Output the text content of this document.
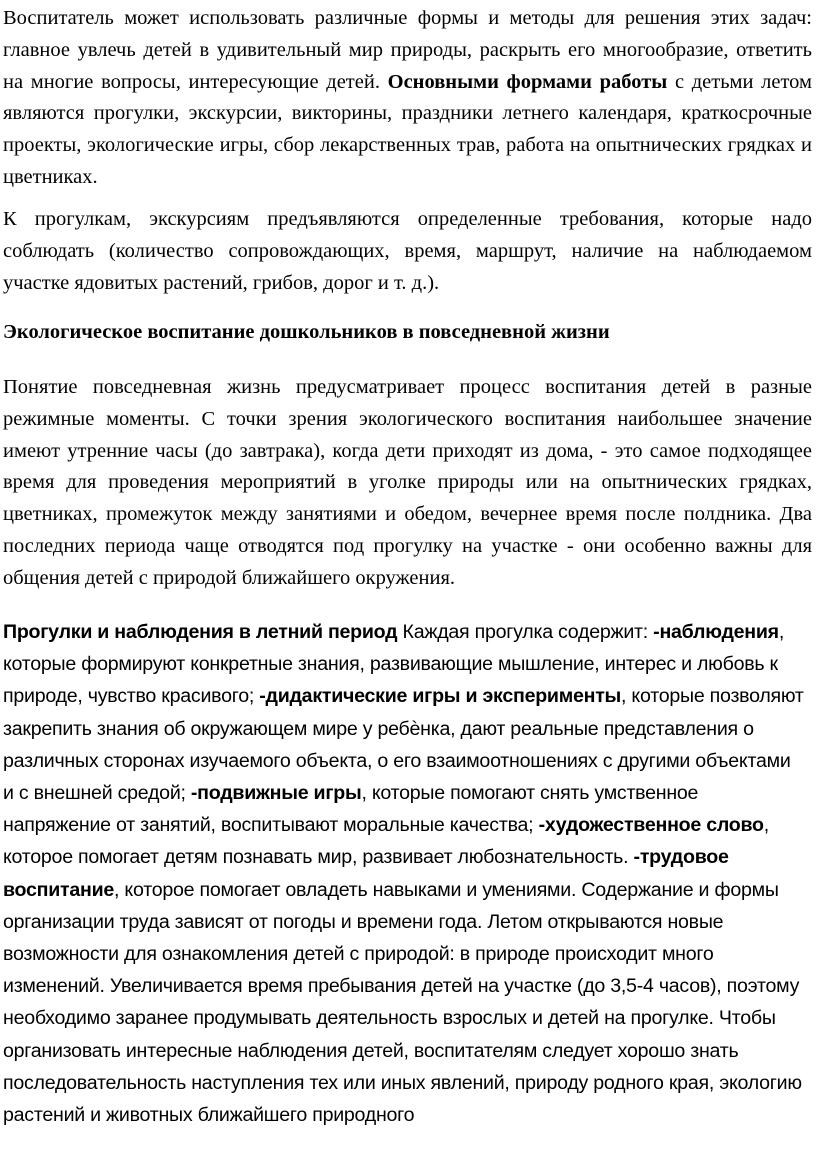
Воспитатель может использовать различные формы и методы для решения этих задач: главное увлечь детей в удивительный мир природы, раскрыть его многообразие, ответить на многие вопросы, интересующие детей. Основными формами работы с детьми летом являются прогулки, экскурсии, викторины, праздники летнего календаря, краткосрочные проекты, экологические игры, сбор лекарственных трав, работа на опытнических грядках и цветниках.

К прогулкам, экскурсиям предъявляются определенные требования, которые надо соблюдать (количество сопровождающих, время, маршрут, наличие на наблюдаемом участке ядовитых растений, грибов, дорог и т. д.).

Экологическое воспитание дошкольников в повседневной жизни

Понятие повседневная жизнь предусматривает процесс воспитания детей в разные режимные моменты. С точки зрения экологического воспитания наибольшее значение имеют утренние часы (до завтрака), когда дети приходят из дома, - это самое подходящее время для проведения мероприятий в уголке природы или на опытнических грядках, цветниках, промежуток между занятиями и обедом, вечернее время после полдника. Два последних периода чаще отводятся под прогулку на участке - они особенно важны для общения детей с природой ближайшего окружения.

Прогулки и наблюдения в летний период Каждая прогулка содержит: -наблюдения, которые формируют конкретные знания, развивающие мышление, интерес и любовь к природе, чувство красивого; -дидактические игры и эксперименты, которые позволяют закрепить знания об окружающем мире у ребѐнка, дают реальные представления о различных сторонах изучаемого объекта, о его взаимоотношениях с другими объектами и с внешней средой; -подвижные игры, которые помогают снять умственное напряжение от занятий, воспитывают моральные качества; -художественное слово, которое помогает детям познавать мир, развивает любознательность. -трудовое воспитание, которое помогает овладеть навыками и умениями. Содержание и формы организации труда зависят от погоды и времени года. Летом открываются новые возможности для ознакомления детей с природой: в природе происходит много изменений. Увеличивается время пребывания детей на участке (до 3,5-4 часов), поэтому необходимо заранее продумывать деятельность взрослых и детей на прогулке. Чтобы организовать интересные наблюдения детей, воспитателям следует хорошо знать последовательность наступления тех или иных явлений, природу родного края, экологию растений и животных ближайшего природного
